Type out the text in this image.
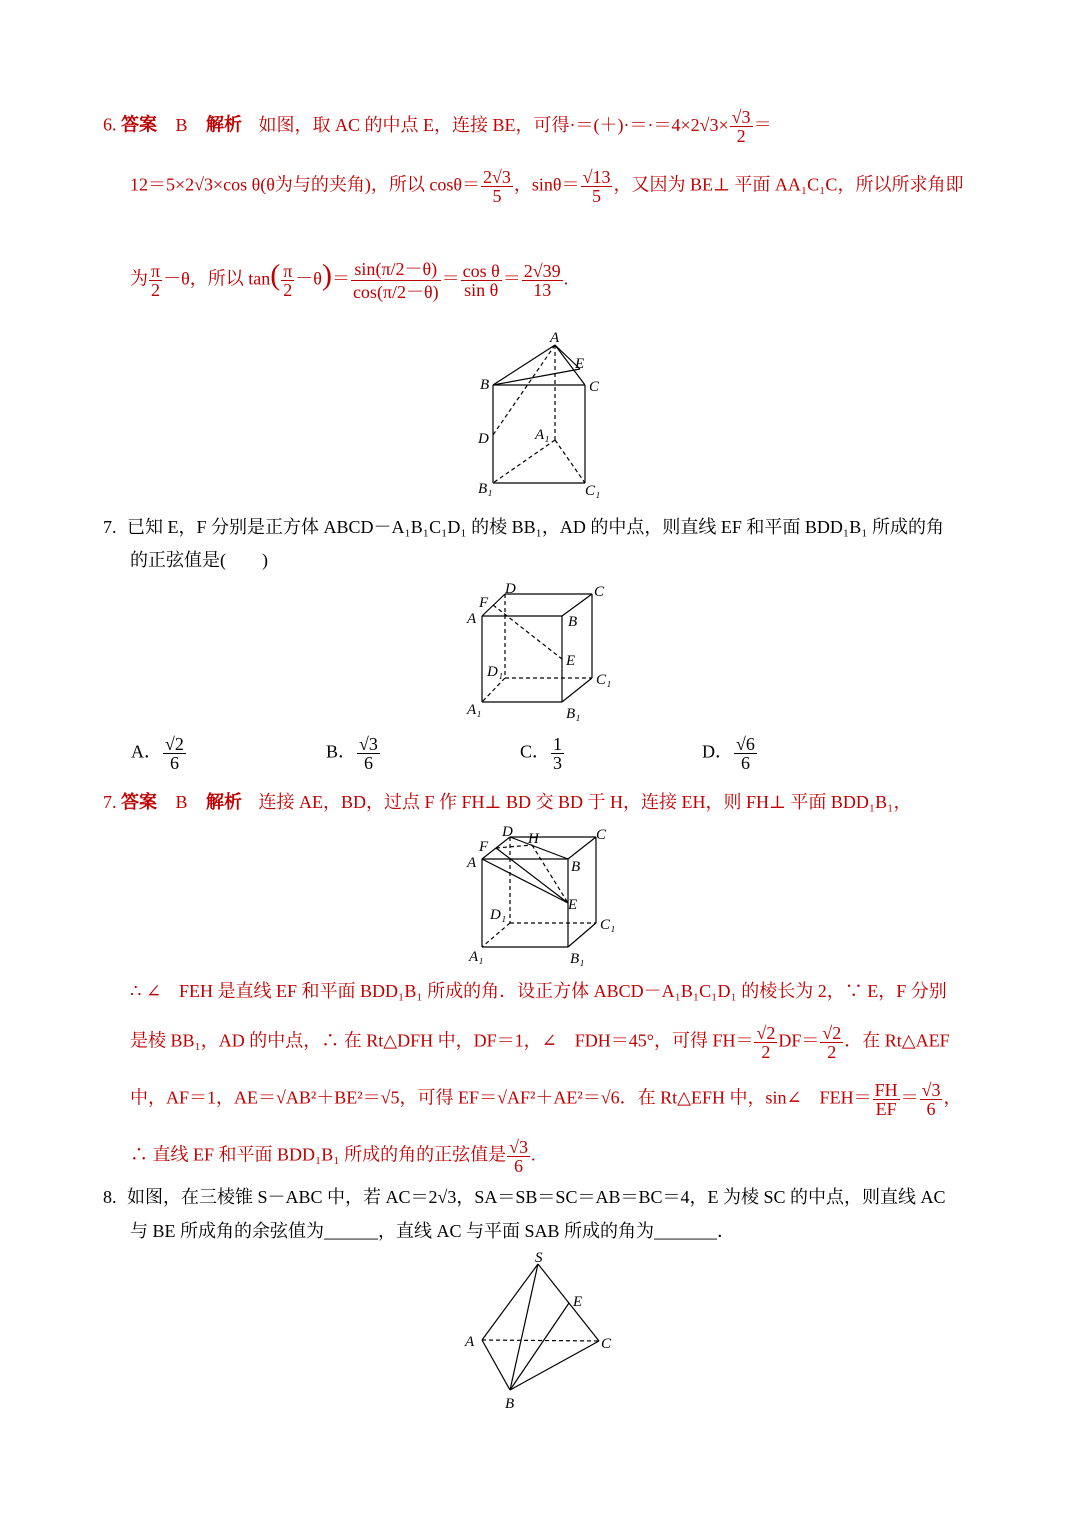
6. 答案 B 解析 如图，取 AC 的中点 E，连接 BE，可得$\cdot=(+)\cdot=\cdot=4\times 2√3\times \frac{√3}{2}$ ＝
12＝5×2√3×cos θ(θ为与的夹角)，所以 $\cos\theta= \frac{2√3}{5}$ ，$\sin\theta= \frac{√13}{5}$ ，又因为 BE⊥ 平面 AA₁C₁C，所以所求角即
为 $\frac{\pi}{2} -\theta$，所以 $\tan( \frac{\pi}{2} -\theta)= \frac{\sin(\pi/2-\theta)}{\cos(\pi/2-\theta)} = \frac{\text{cos θ}}{\text{sin θ}} = \frac{2√39}{13}$ .
A
E
B	C
D	A₁
B₁	C₁
7. 已知 E，F 分别是正方体 ABCD－A₁B₁C₁D₁ 的棱 BB₁，AD 的中点，则直线 EF 和平面 BDD₁B₁ 所成的角
的正弦值是(　　)
D	C
F
A	B
E
D₁	C₁
A₁	B₁
A． $\frac{√2}{6}$	B． $\frac{√3}{6}$	C． $\frac{1}{3}$	D． $\frac{√6}{6}$
7. 答案 B 解析 连接 AE，BD，过点 F 作 FH⊥ BD 交 BD 于 H，连接 EH，则 FH⊥ 平面 BDD₁B₁，
D H	C
F
A	B
E
D₁
C₁
A₁	B₁
∴ ∠　FEH 是直线 EF 和平面 BDD₁B₁ 所成的角．设正方体 ABCD－A₁B₁C₁D₁ 的棱长为 2，∵ E，F 分别
是棱 BB₁，AD 的中点，∴ 在 Rt△DFH 中，DF＝1，∠　FDH＝45°，可得 $FH= \frac{√2}{2} DF= \frac{√2}{2}$ ．在 Rt△AEF
中，AF＝1，AE＝√AB²＋BE²＝√5，可得 EF＝√AF²＋AE²＝√6．在 Rt△EFH 中，sin∠　$FEH= \frac{FH}{EF} = \frac{√3}{6}$ ，
∴ 直线 EF 和平面 BDD₁B₁ 所成的角的正弦值是 $\frac{√3}{6}$ .
8. 如图，在三棱锥 S－ABC 中，若 AC＝2√3，SA＝SB＝SC＝AB＝BC＝4，E 为棱 SC 的中点，则直线 AC
与 BE 所成角的余弦值为______，直线 AC 与平面 SAB 所成的角为_______．
S
E
A	C
B
